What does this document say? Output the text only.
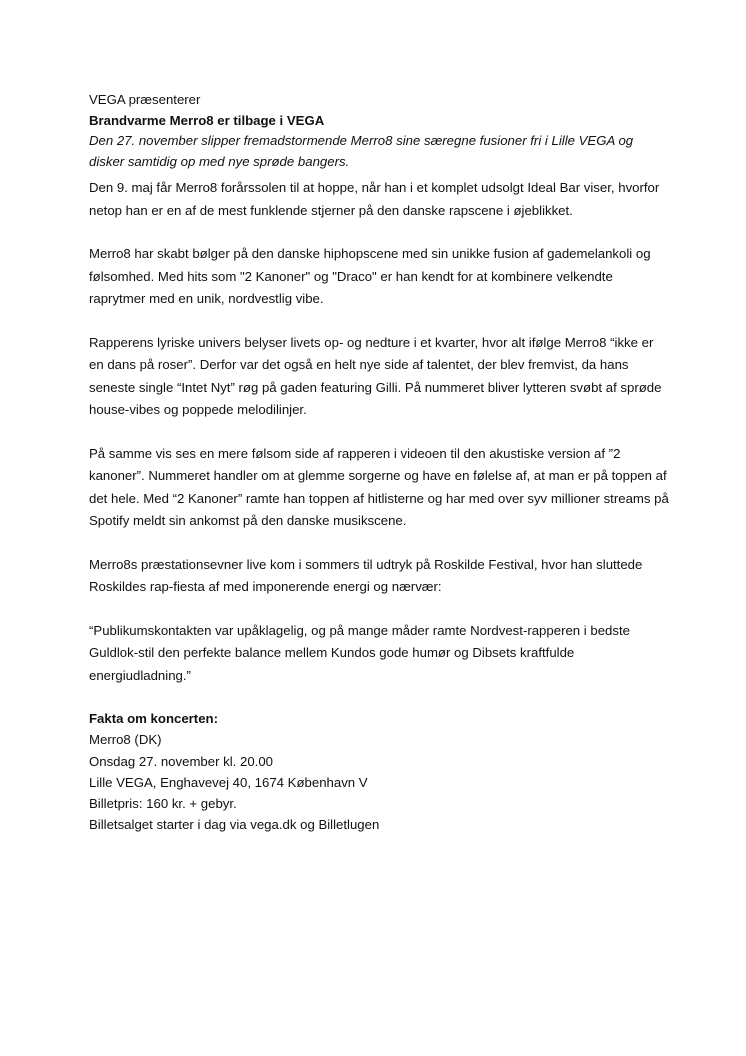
VEGA præsenterer

Brandvarme Merro8 er tilbage i VEGA

Den 27. november slipper fremadstormende Merro8 sine særegne fusioner fri i Lille VEGA og disker samtidig op med nye sprøde bangers.

Den 9. maj får Merro8 forårssolen til at hoppe, når han i et komplet udsolgt Ideal Bar viser, hvorfor netop han er en af de mest funklende stjerner på den danske rapscene i øjeblikket.

Merro8 har skabt bølger på den danske hiphopscene med sin unikke fusion af gademelankoli og følsomhed. Med hits som "2 Kanoner" og "Draco" er han kendt for at kombinere velkendte raprytmer med en unik, nordvestlig vibe.

Rapperens lyriske univers belyser livets op- og nedture i et kvarter, hvor alt ifølge Merro8 “ikke er en dans på roser”. Derfor var det også en helt nye side af talentet, der blev fremvist, da hans seneste single “Intet Nyt” røg på gaden featuring Gilli. På nummeret bliver lytteren svøbt af sprøde house-vibes og poppede melodilinjer.

På samme vis ses en mere følsom side af rapperen i videoen til den akustiske version af ”2 kanoner”. Nummeret handler om at glemme sorgerne og have en følelse af, at man er på toppen af det hele. Med “2 Kanoner” ramte han toppen af hitlisterne og har med over syv millioner streams på Spotify meldt sin ankomst på den danske musikscene.

Merro8s præstationsevner live kom i sommers til udtryk på Roskilde Festival, hvor han sluttede Roskildes rap-fiesta af med imponerende energi og nærvær:

“Publikumskontakten var upåklagelig, og på mange måder ramte Nordvest-rapperen i bedste Guldlok-stil den perfekte balance mellem Kundos gode humør og Dibsets kraftfulde energiudladning.”

Fakta om koncerten:

Merro8 (DK)

Onsdag 27. november kl. 20.00

Lille VEGA, Enghavevej 40, 1674 København V

Billetpris: 160 kr. + gebyr.

Billetsalget starter i dag via vega.dk og Billetlugen
